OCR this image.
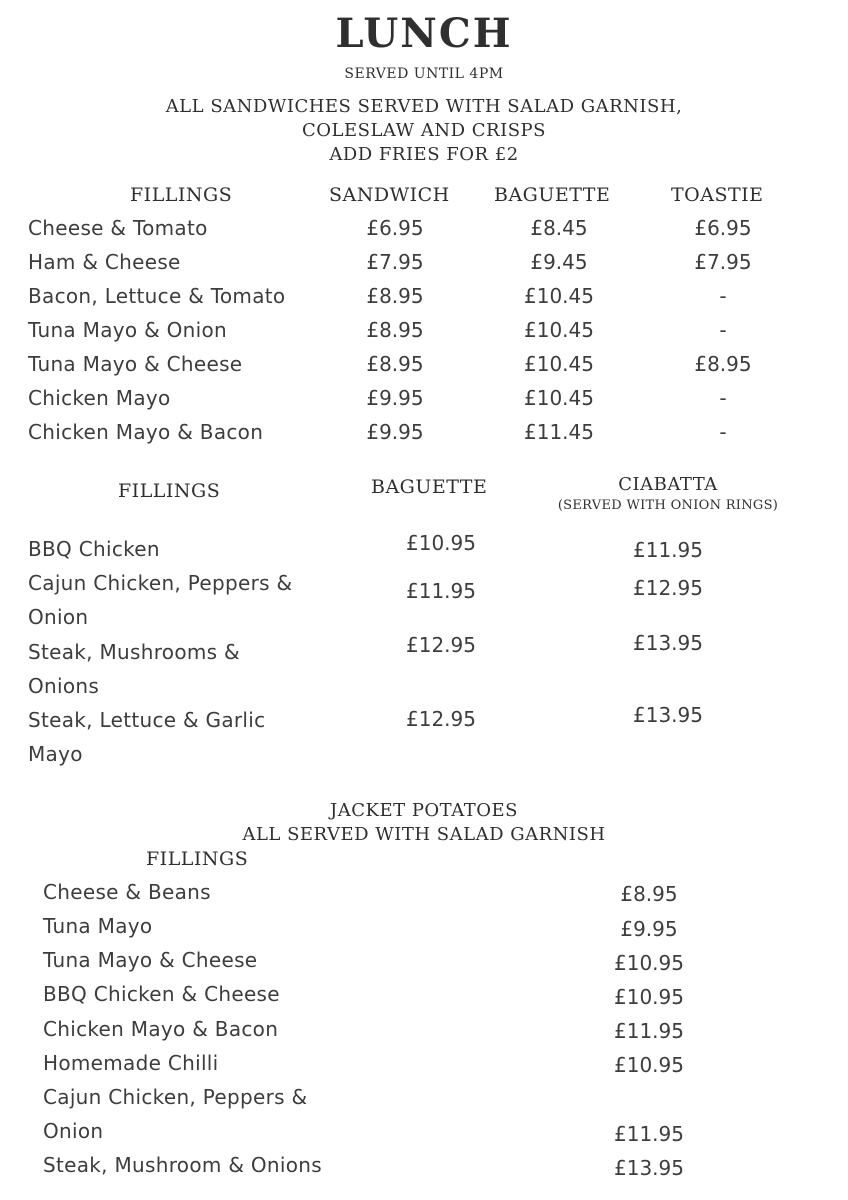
LUNCH
SERVED UNTIL 4PM
ALL SANDWICHES SERVED WITH SALAD GARNISH,
COLESLAW AND CRISPS
ADD FRIES FOR £2
FILLINGS	SANDWICH BAGUETTE	TOASTIE
Cheese & Tomato	£6.95	£8.45	£6.95
Ham & Cheese	£7.95	£9.45	£7.95
Bacon, Lettuce & Tomato	£8.95	£10.45	-
Tuna Mayo & Onion	£8.95	£10.45	-
Tuna Mayo & Cheese	£8.95	£10.45	£8.95
Chicken Mayo	£9.95	£10.45	-
Chicken Mayo & Bacon	£9.95	£11.45	-
FILLINGS	BAGUETTE	CIABATTA
(SERVED WITH ONION RINGS)
BBQ Chicken	£10.95	£11.95
Cajun Chicken, Peppers &
Onion
£11.95	£12.95
Steak, Mushrooms &
Onions
£12.95	£13.95
Steak, Lettuce & Garlic
Mayo
£12.95	£13.95
JACKET POTATOES
ALL SERVED WITH SALAD GARNISH
FILLINGS
Cheese & Beans	£8.95
Tuna Mayo	£9.95
Tuna Mayo & Cheese	£10.95
BBQ Chicken & Cheese	£10.95
Chicken Mayo & Bacon	£11.95
Homemade Chilli	£10.95
Cajun Chicken, Peppers &
Onion	£11.95
Steak, Mushroom & Onions	£13.95
